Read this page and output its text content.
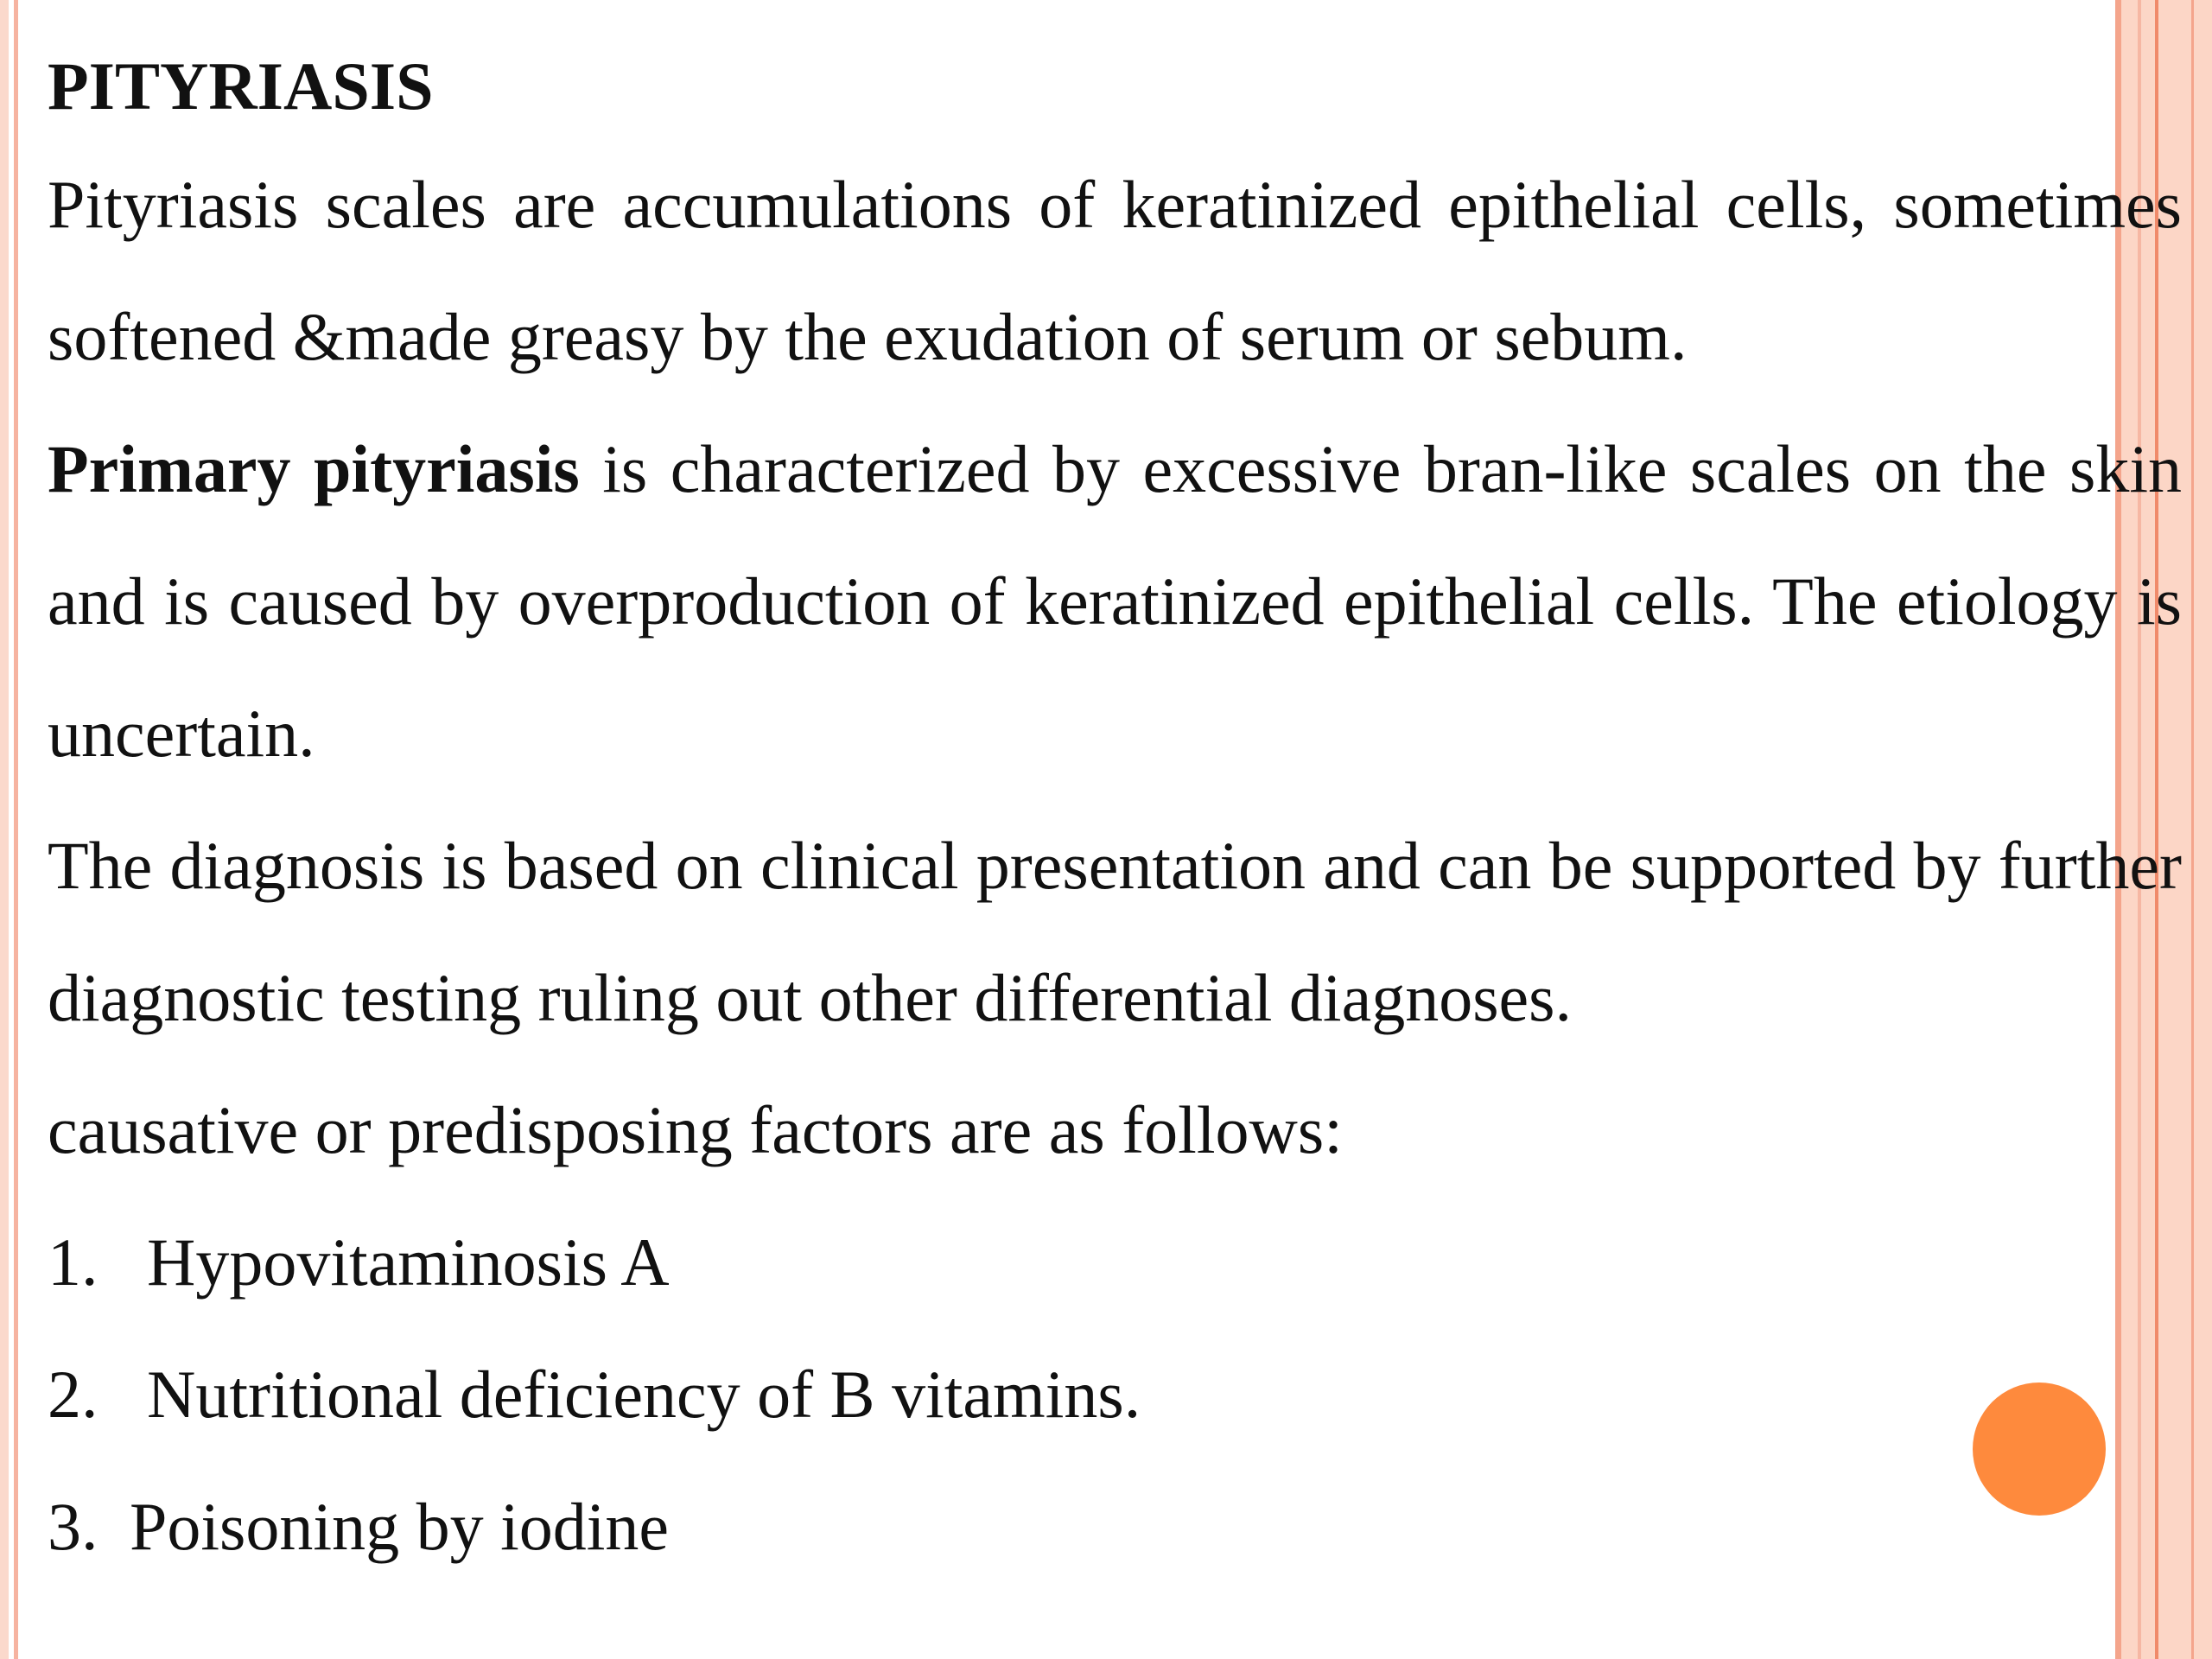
PITYRIASIS

Pityriasis scales are accumulations of keratinized epithelial cells, sometimes softened &made greasy by the exudation of serum or sebum.

Primary pityriasis is characterized by excessive bran-like scales on the skin and is caused by overproduction of keratinized epithelial cells. The etiology is uncertain.

The diagnosis is based on clinical presentation and can be supported by further diagnostic testing ruling out other differential diagnoses.

causative or predisposing factors are as follows:

1. Hypovitaminosis A
2. Nutritional deficiency of B vitamins.
3. Poisoning by iodine
